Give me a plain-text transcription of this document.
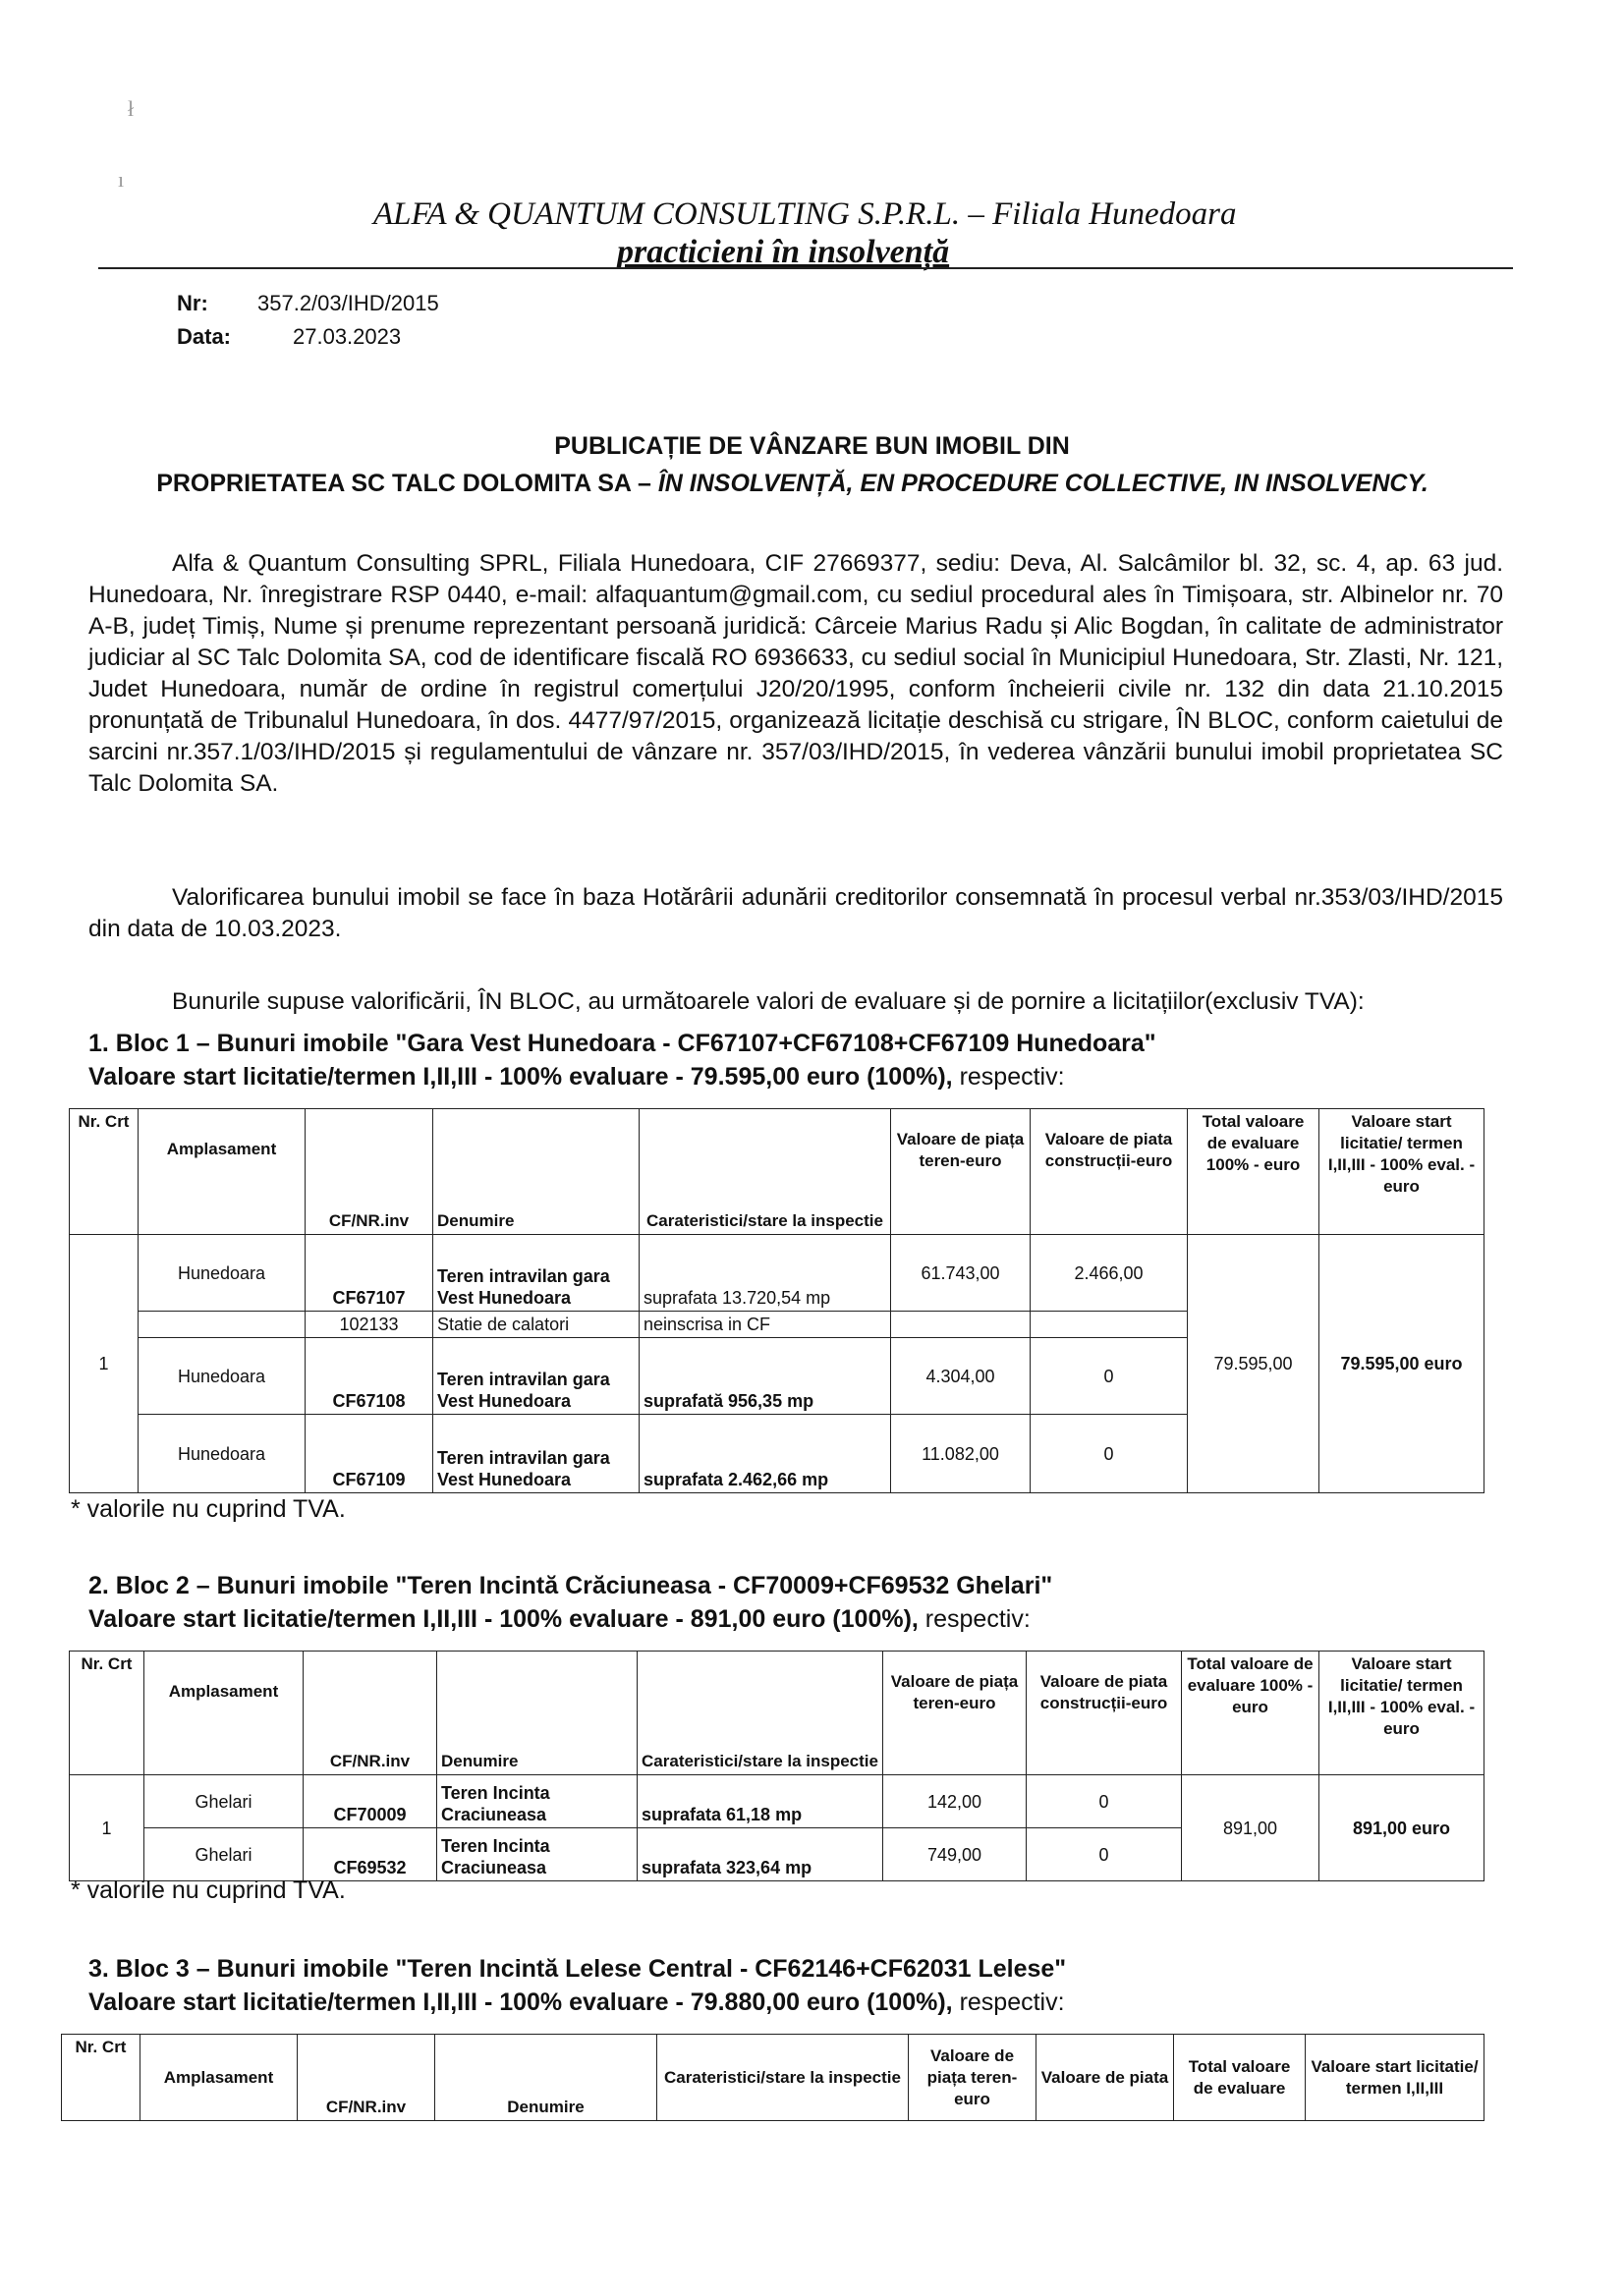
ł
ı
ALFA & QUANTUM CONSULTING S.P.R.L. – Filiala Hunedoara
practicieni în insolvență
Nr: 357.2/03/IHD/2015
Data:	27.03.2023
PUBLICAȚIE DE VÂNZARE BUN IMOBIL DIN
PROPRIETATEA SC TALC DOLOMITA SA – ÎN INSOLVENȚĂ, EN PROCEDURE COLLECTIVE, IN INSOLVENCY.
Alfa & Quantum Consulting SPRL, Filiala Hunedoara, CIF 27669377, sediu: Deva, Al. Salcâmilor bl. 32, sc. 4, ap. 63 jud. Hunedoara, Nr. înregistrare RSP 0440, e-mail: alfaquantum@gmail.com, cu sediul procedural ales în Timișoara, str. Albinelor nr. 70 A-B, județ Timiș, Nume și prenume reprezentant persoană juridică: Cârceie Marius Radu și Alic Bogdan, în calitate de administrator judiciar al SC Talc Dolomita SA, cod de identificare fiscală RO 6936633, cu sediul social în Municipiul Hunedoara, Str. Zlasti, Nr. 121, Judet Hunedoara, număr de ordine în registrul comerțului J20/20/1995, conform încheierii civile nr. 132 din data 21.10.2015 pronunțată de Tribunalul Hunedoara, în dos. 4477/97/2015, organizează licitație deschisă cu strigare, ÎN BLOC, conform caietului de sarcini nr.357.1/03/IHD/2015 și regulamentului de vânzare nr. 357/03/IHD/2015, în vederea vânzării bunului imobil proprietatea SC Talc Dolomita SA.
Valorificarea bunului imobil se face în baza Hotărârii adunării creditorilor consemnată în procesul verbal nr.353/03/IHD/2015 din data de 10.03.2023.
Bunurile supuse valorificării, ÎN BLOC, au următoarele valori de evaluare și de pornire a licitațiilor(exclusiv TVA):
1. Bloc 1 – Bunuri imobile "Gara Vest Hunedoara - CF67107+CF67108+CF67109 Hunedoara"
Valoare start licitatie/termen I,II,III - 100% evaluare - 79.595,00 euro (100%), respectiv:
Nr. Crt	Amplasament	CF/NR.inv	Denumire	Carateristici/stare la inspectie	Valoare de piața teren-euro	Valoare de piata construcții-euro	Total valoare de evaluare 100% - euro	Valoare start licitatie/ termen I,II,III - 100% eval. - euro
1	Hunedoara	CF67107	Teren intravilan gara Vest Hunedoara	suprafata 13.720,54 mp	61.743,00	2.466,00	79.595,00	79.595,00 euro
		102133	Statie de calatori	neinscrisa in CF				
	Hunedoara	CF67108	Teren intravilan gara Vest Hunedoara	suprafată 956,35 mp	4.304,00	0		
	Hunedoara	CF67109	Teren intravilan gara Vest Hunedoara	suprafata 2.462,66 mp	11.082,00	0		
* valorile nu cuprind TVA.
2. Bloc 2 – Bunuri imobile "Teren Incintă Crăciuneasa - CF70009+CF69532 Ghelari"
Valoare start licitatie/termen I,II,III - 100% evaluare - 891,00 euro (100%), respectiv:
Nr. Crt	Amplasament	CF/NR.inv	Denumire	Carateristici/stare la inspectie	Valoare de piața teren-euro	Valoare de piata construcții-euro	Total valoare de evaluare 100% - euro	Valoare start licitatie/ termen I,II,III - 100% eval. - euro
1	Ghelari	CF70009	Teren Incinta Craciuneasa	suprafata 61,18 mp	142,00	0	891,00	891,00 euro
	Ghelari	CF69532	Teren Incinta Craciuneasa	suprafata 323,64 mp	749,00	0		
* valorile nu cuprind TVA.
3. Bloc 3 – Bunuri imobile "Teren Incintă Lelese Central - CF62146+CF62031 Lelese"
Valoare start licitatie/termen I,II,III - 100% evaluare - 79.880,00 euro (100%), respectiv:
Nr. Crt	Amplasament	CF/NR.inv	Denumire	Carateristici/stare la inspectie	Valoare de piața teren-euro	Valoare de piata	Total valoare de evaluare	Valoare start licitatie/ termen I,II,III
